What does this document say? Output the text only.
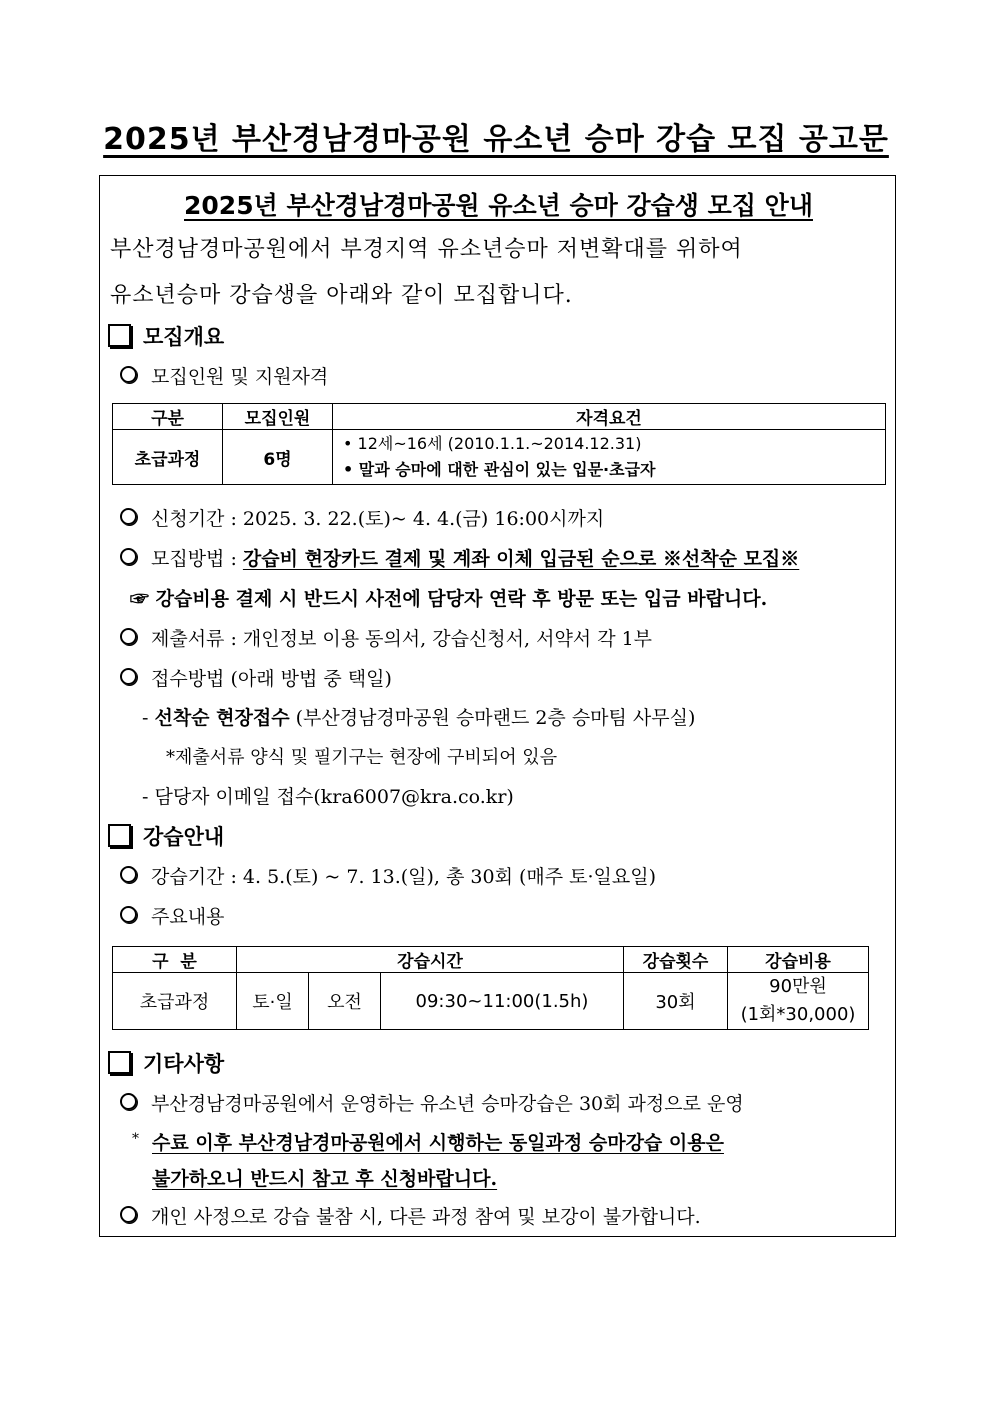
2025년 부산경남경마공원 유소년 승마 강습 모집 공고문
2025년 부산경남경마공원 유소년 승마 강습생 모집 안내
부산경남경마공원에서 부경지역 유소년승마 저변확대를 위하여
유소년승마 강습생을 아래와 같이 모집합니다.
모집개요
모집인원 및 지원자격
구분	모집인원	자격요건
초급과정	6명	• 12세~16세 (2010.1.1.~2014.12.31)
• 말과 승마에 대한 관심이 있는 입문·초급자
신청기간 : 2025. 3. 22.(토)~ 4. 4.(금) 16:00시까지
모집방법 : 강습비 현장카드 결제 및 계좌 이체 입금된 순으로 ※선착순 모집※
☞ 강습비용 결제 시 반드시 사전에 담당자 연락 후 방문 또는 입금 바랍니다.
제출서류 : 개인정보 이용 동의서, 강습신청서, 서약서 각 1부
접수방법 (아래 방법 중 택일)
- 선착순 현장접수 (부산경남경마공원 승마랜드 2층 승마팀 사무실)
*제출서류 양식 및 필기구는 현장에 구비되어 있음
- 담당자 이메일 접수(kra6007@kra.co.kr)
강습안내
강습기간 : 4. 5.(토) ~ 7. 13.(일), 총 30회 (매주 토·일요일)
주요내용
구  분	강습시간			강습횟수	강습비용
초급과정	토·일	오전	09:30~11:00(1.5h)	30회	90만원
(1회*30,000)
기타사항
부산경남경마공원에서 운영하는 유소년 승마강습은 30회 과정으로 운영
* 수료 이후 부산경남경마공원에서 시행하는 동일과정 승마강습 이용은
불가하오니 반드시 참고 후 신청바랍니다.
개인 사정으로 강습 불참 시, 다른 과정 참여 및 보강이 불가합니다.
